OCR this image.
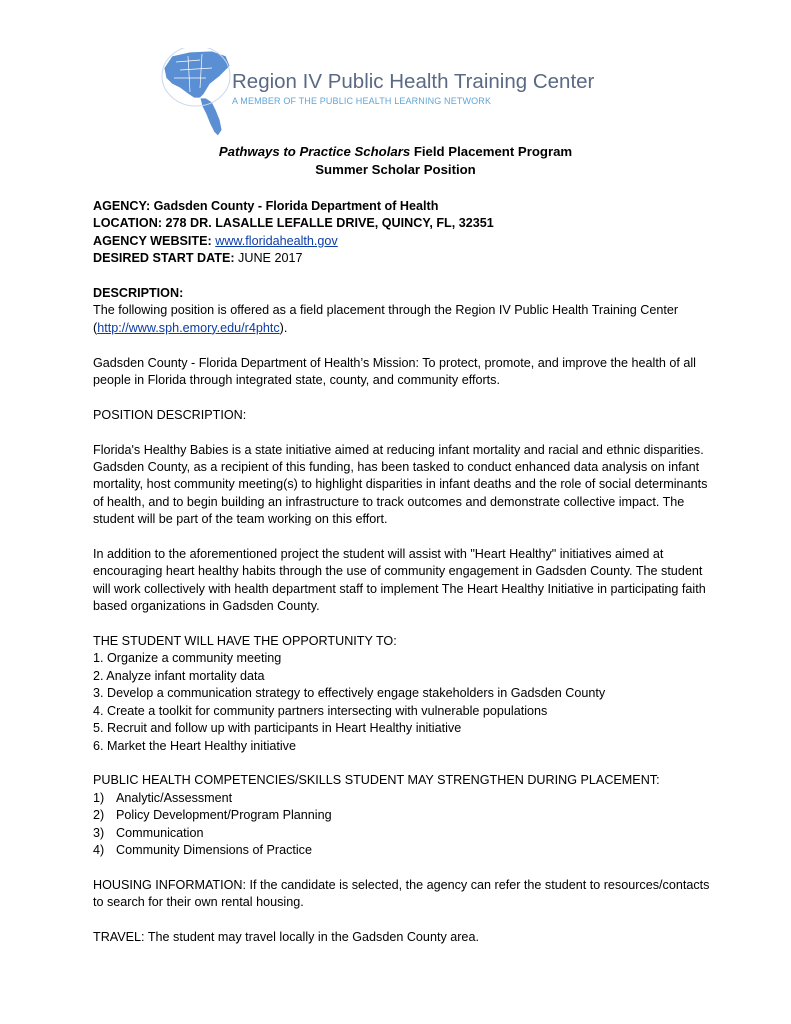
Region IV Public Health Training Center
A MEMBER OF THE PUBLIC HEALTH LEARNING NETWORK
Pathways to Practice Scholars Field Placement Program
Summer Scholar Position

AGENCY: Gadsden County - Florida Department of Health

LOCATION: 278 DR. LASALLE LEFALLE DRIVE, QUINCY, FL, 32351

AGENCY WEBSITE: www.floridahealth.gov

DESIRED START DATE: JUNE 2017

DESCRIPTION:

The following position is offered as a field placement through the Region IV Public Health Training Center (http://www.sph.emory.edu/r4phtc).

Gadsden County - Florida Department of Health’s Mission: To protect, promote, and improve the health of all people in Florida through integrated state, county, and community efforts.

POSITION DESCRIPTION:

Florida's Healthy Babies is a state initiative aimed at reducing infant mortality and racial and ethnic disparities. Gadsden County, as a recipient of this funding, has been tasked to conduct enhanced data analysis on infant mortality, host community meeting(s) to highlight disparities in infant deaths and the role of social determinants of health, and to begin building an infrastructure to track outcomes and demonstrate collective impact. The student will be part of the team working on this effort.

In addition to the aforementioned project the student will assist with "Heart Healthy" initiatives aimed at encouraging heart healthy habits through the use of community engagement in Gadsden County. The student will work collectively with health department staff to implement The Heart Healthy Initiative in participating faith based organizations in Gadsden County.

THE STUDENT WILL HAVE THE OPPORTUNITY TO:

1. Organize a community meeting

2. Analyze infant mortality data

3. Develop a communication strategy to effectively engage stakeholders in Gadsden County

4. Create a toolkit for community partners intersecting with vulnerable populations

5. Recruit and follow up with participants in Heart Healthy initiative

6. Market the Heart Healthy initiative

PUBLIC HEALTH COMPETENCIES/SKILLS STUDENT MAY STRENGTHEN DURING PLACEMENT:

1) Analytic/Assessment
2) Policy Development/Program Planning
3) Communication
4) Community Dimensions of Practice

HOUSING INFORMATION: If the candidate is selected, the agency can refer the student to resources/contacts to search for their own rental housing.

TRAVEL: The student may travel locally in the Gadsden County area.
